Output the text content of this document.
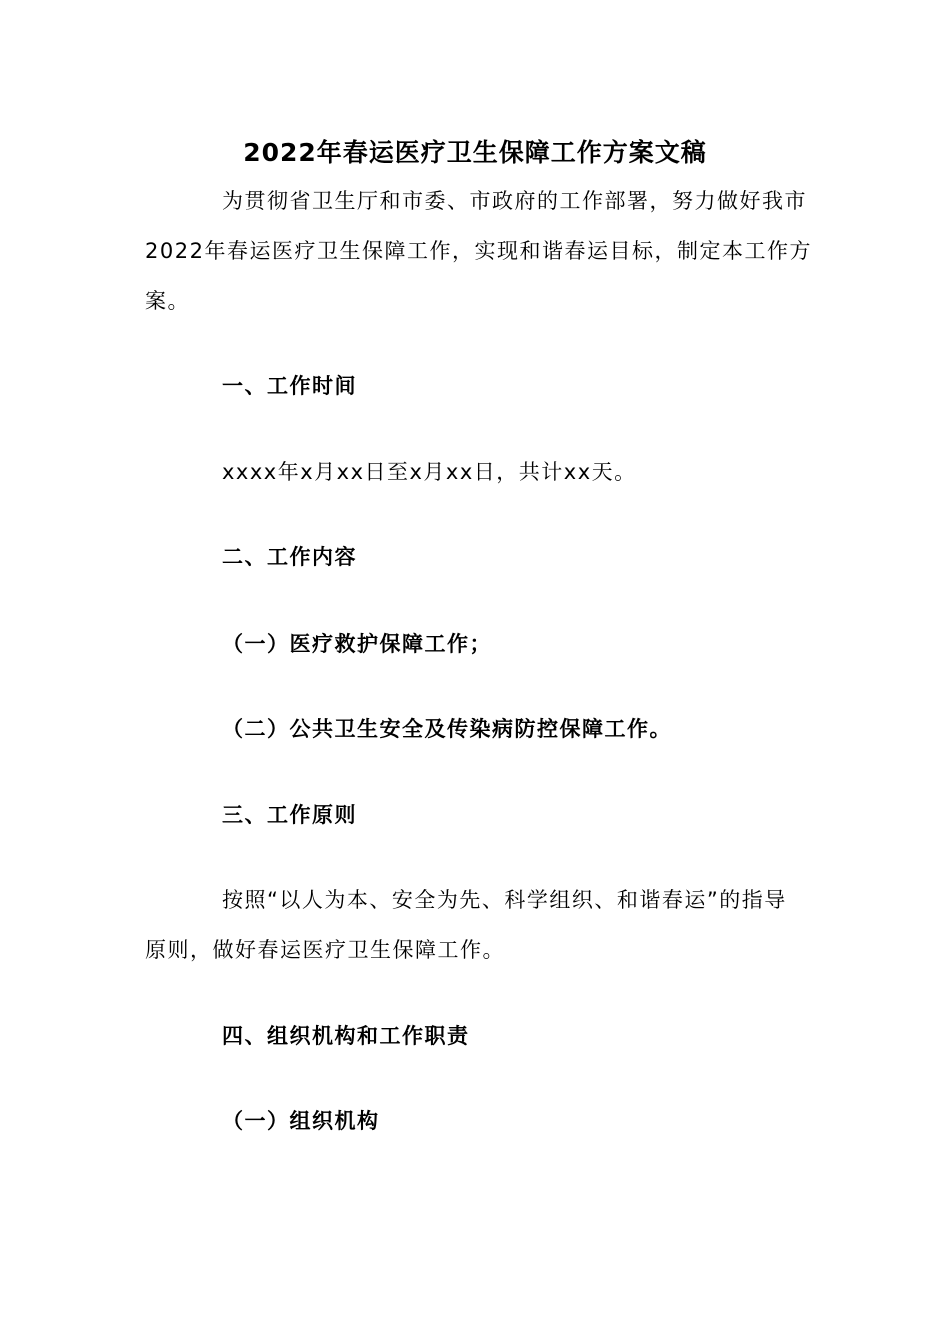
2022年春运医疗卫生保障工作方案文稿
为贯彻省卫生厅和市委、市政府的工作部署，努力做好我市
2022年春运医疗卫生保障工作，实现和谐春运目标，制定本工作方
案。
一、工作时间
xxxx年x月xx日至x月xx日，共计xx天。
二、工作内容
（一）医疗救护保障工作；
（二）公共卫生安全及传染病防控保障工作。
三、工作原则
按照“以人为本、安全为先、科学组织、和谐春运”的指导
原则，做好春运医疗卫生保障工作。
四、组织机构和工作职责
（一）组织机构
